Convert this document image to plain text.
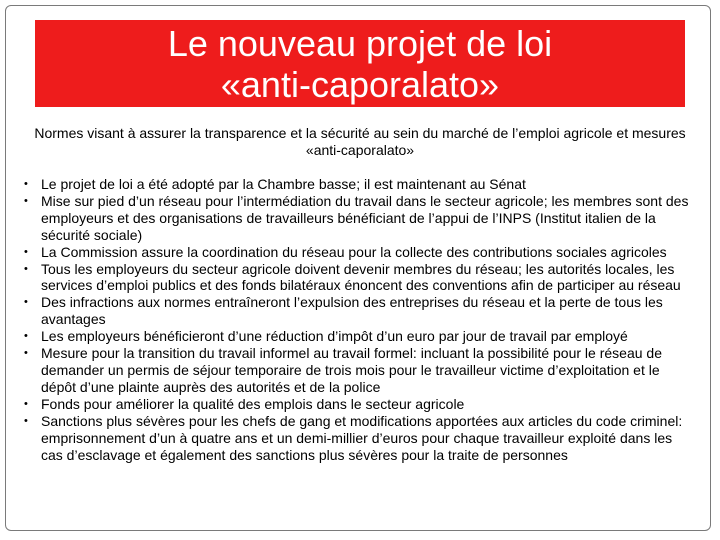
Le nouveau projet de loi
«anti-caporalato»

Normes visant à assurer la transparence et la sécurité au sein du marché de l’emploi agricole et mesures «anti-caporalato»

• Le projet de loi a été adopté par la Chambre basse; il est maintenant au Sénat
• Mise sur pied d’un réseau pour l’intermédiation du travail dans le secteur agricole; les membres sont des employeurs et des organisations de travailleurs bénéficiant de l’appui de l’INPS (Institut italien de la sécurité sociale)
• La Commission assure la coordination du réseau pour la collecte des contributions sociales agricoles
• Tous les employeurs du secteur agricole doivent devenir membres du réseau; les autorités locales, les services d’emploi publics et des fonds bilatéraux énoncent des conventions afin de participer au réseau
• Des infractions aux normes entraîneront l’expulsion des entreprises du réseau et la perte de tous les avantages
• Les employeurs bénéficieront d’une réduction d’impôt d’un euro par jour de travail par employé
• Mesure pour la transition du travail informel au travail formel: incluant la possibilité pour le réseau de demander un permis de séjour temporaire de trois mois pour le travailleur victime d’exploitation et le dépôt d’une plainte auprès des autorités et de la police
• Fonds pour améliorer la qualité des emplois dans le secteur agricole
• Sanctions plus sévères pour les chefs de gang et modifications apportées aux articles du code criminel: emprisonnement d’un à quatre ans et un demi-millier d’euros pour chaque travailleur exploité dans les cas d’esclavage et également des sanctions plus sévères pour la traite de personnes
